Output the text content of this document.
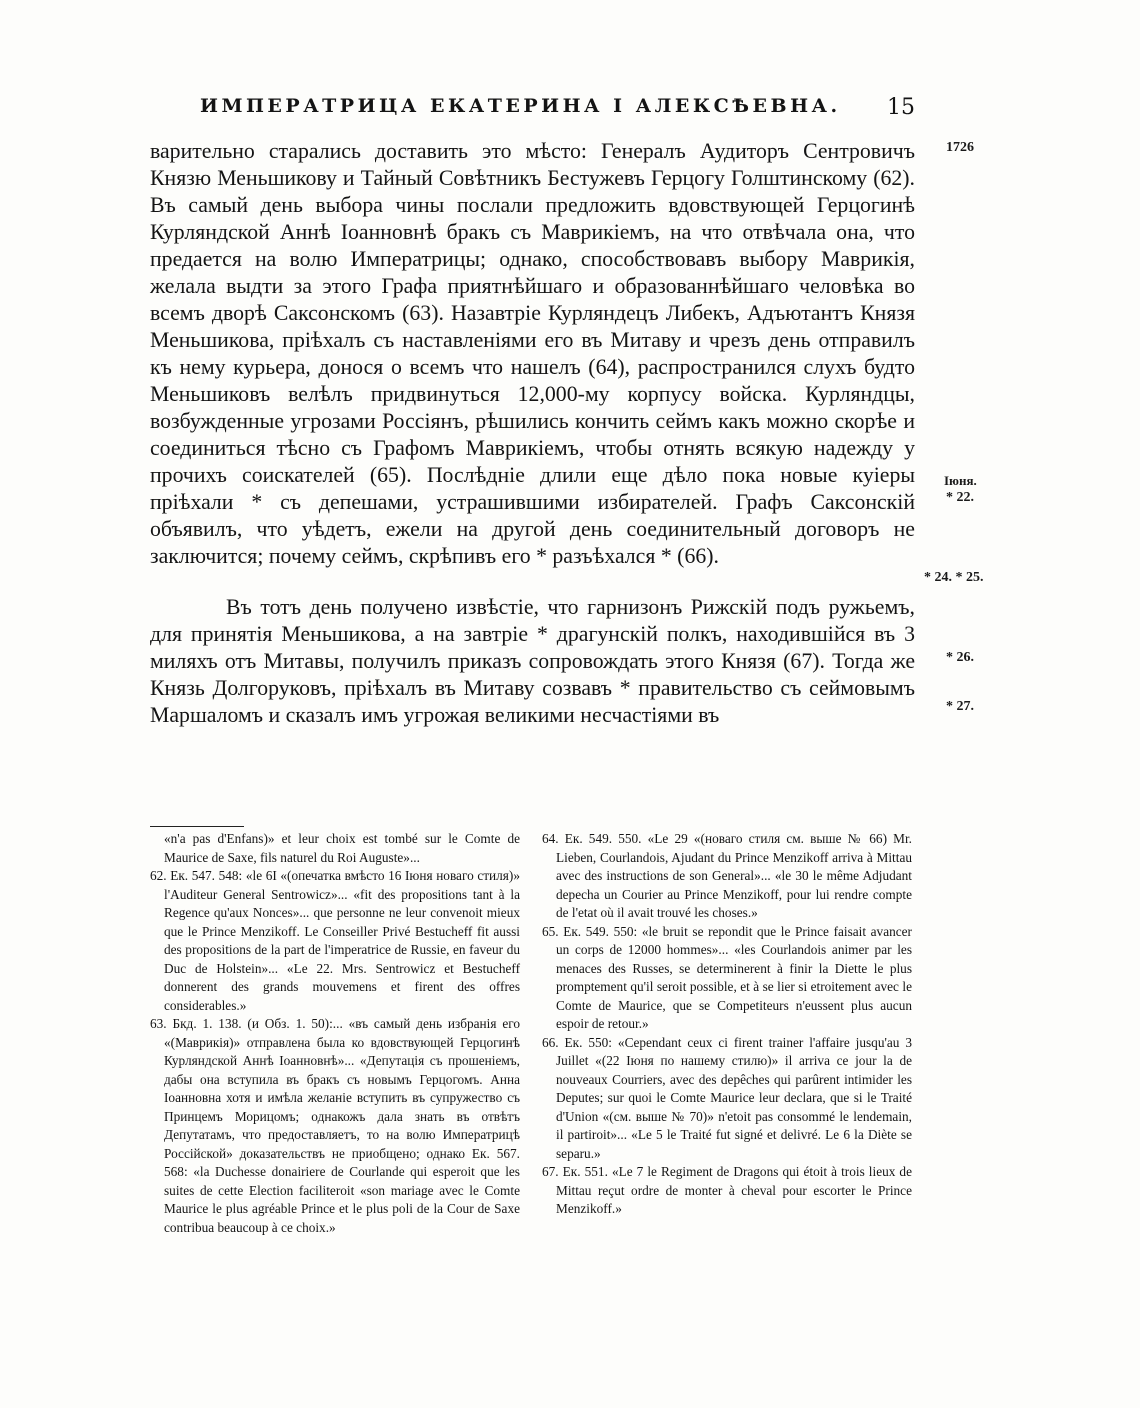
ИМПЕРАТРИЦА ЕКАТЕРИНА I АЛЕКСѢЕВНА. 15
1726
Iюня.
* 22.
* 24. * 25.
* 26.
* 27.

варительно старались доставить это мѣсто: Генералъ Аудиторъ Сентровичъ Князю Меньшикову и Тайный Совѣтникъ Бестужевъ Герцогу Голштинскому (62). Въ самый день выбора чины послали предложить вдовствующей Герцогинѣ Курляндской Аннѣ Іоанновнѣ бракъ съ Маврикіемъ, на что отвѣчала она, что предается на волю Императрицы; однако, способствовавъ выбору Маврикія, желала выдти за этого Графа приятнѣйшаго и образованнѣйшаго человѣка во всемъ дворѣ Саксонскомъ (63). Назавтріе Курляндецъ Либекъ, Адъютантъ Князя Меньшикова, пріѣхалъ съ наставленіями его въ Митаву и чрезъ день отправилъ къ нему курьера, донося о всемъ что нашелъ (64), распространился слухъ будто Меньшиковъ велѣлъ придвинуться 12,000-му корпусу войска. Курляндцы, возбужденные угрозами Россіянъ, рѣшились кончить сеймъ какъ можно скорѣе и соединиться тѣсно съ Графомъ Маврикіемъ, чтобы отнять всякую надежду у прочихъ соискателей (65). Послѣдніе длили еще дѣло пока новые куiеры пріѣхали * съ депешами, устрашившими избирателей. Графъ Саксонскій объявилъ, что уѣдетъ, ежели на другой день соединительный договоръ не заключится; почему сеймъ, скрѣпивъ его * разъѣхался * (66).

Въ тотъ день получено извѣстіе, что гарнизонъ Рижскій подъ ружьемъ, для принятія Меньшикова, а на завтріе * драгунскій полкъ, находившійся въ 3 миляхъ отъ Митавы, получилъ приказъ сопровождать этого Князя (67). Тогда же Князь Долгоруковъ, пріѣхалъ въ Митаву созвавъ * правительство съ сеймовымъ Маршаломъ и сказалъ имъ угрожая великими несчастіями въ

«n'a pas d'Enfans)» et leur choix est tombé sur le Comte de Maurice de Saxe, fils naturel du Roi Auguste»...

62. Ек. 547. 548: «le 6I «(опечатка вмѣсто 16 Іюня новаго стиля)» l'Auditeur General Sentrowicz»... «fit des propositions tant à la Regence qu'aux Nonces»... que personne ne leur convenoit mieux que le Prince Menzikoff. Le Conseiller Privé Bestucheff fit aussi des propositions de la part de l'imperatrice de Russie, en faveur du Duc de Holstein»... «Le 22. Mrs. Sentrowicz et Bestucheff donnerent des grands mouvemens et firent des offres considerables.»

63. Бкд. 1. 138. (и Обз. 1. 50):... «въ самый день избранія его «(Маврикія)» отправлена была ко вдовствующей Герцогинѣ Курляндской Аннѣ Іоанновнѣ»... «Депутація съ прошеніемъ, дабы она вступила въ бракъ съ новымъ Герцогомъ. Анна Іоанновна хотя и имѣла желаніе вступить въ супружество съ Принцемъ Морицомъ; однакожъ дала знать въ отвѣтъ Депутатамъ, что предоставляетъ, то на волю Императрицѣ Россійской» доказательствъ не приобщено; однако Ек. 567. 568: «la Duchesse donairiere de Courlande qui esperoit que les suites de cette Election faciliteroit «son mariage avec le Comte Maurice le plus agréable Prince et le plus poli de la Cour de Saxe contribua beaucoup à ce choix.»

64. Ек. 549. 550. «Le 29 «(новаго стиля см. выше № 66) Mr. Lieben, Courlandois, Ajudant du Prince Menzikoff arriva à Mittau avec des instructions de son General»... «le 30 le même Adjudant depecha un Courier au Prince Menzikoff, pour lui rendre compte de l'etat où il avait trouvé les choses.»

65. Ек. 549. 550: «le bruit se repondit que le Prince faisait avancer un corps de 12000 hommes»... «les Courlandois animer par les menaces des Russes, se determinerent à finir la Diette le plus promptement qu'il seroit possible, et à se lier si etroitement avec le Comte de Maurice, que se Competiteurs n'eussent plus aucun espoir de retour.»

66. Ек. 550: «Cependant ceux ci firent trainer l'affaire jusqu'au 3 Juillet «(22 Іюня по нашему стилю)» il arriva ce jour la de nouveaux Courriers, avec des depêches qui parûrent intimider les Deputes; sur quoi le Comte Maurice leur declara, que si le Traité d'Union «(см. выше № 70)» n'etoit pas consommé le lendemain, il partiroit»... «Le 5 le Traité fut signé et delivré. Le 6 la Diète se separu.»

67. Ек. 551. «Le 7 le Regiment de Dragons qui étoit à trois lieux de Mittau reçut ordre de monter à cheval pour escorter le Prince Menzikoff.»
